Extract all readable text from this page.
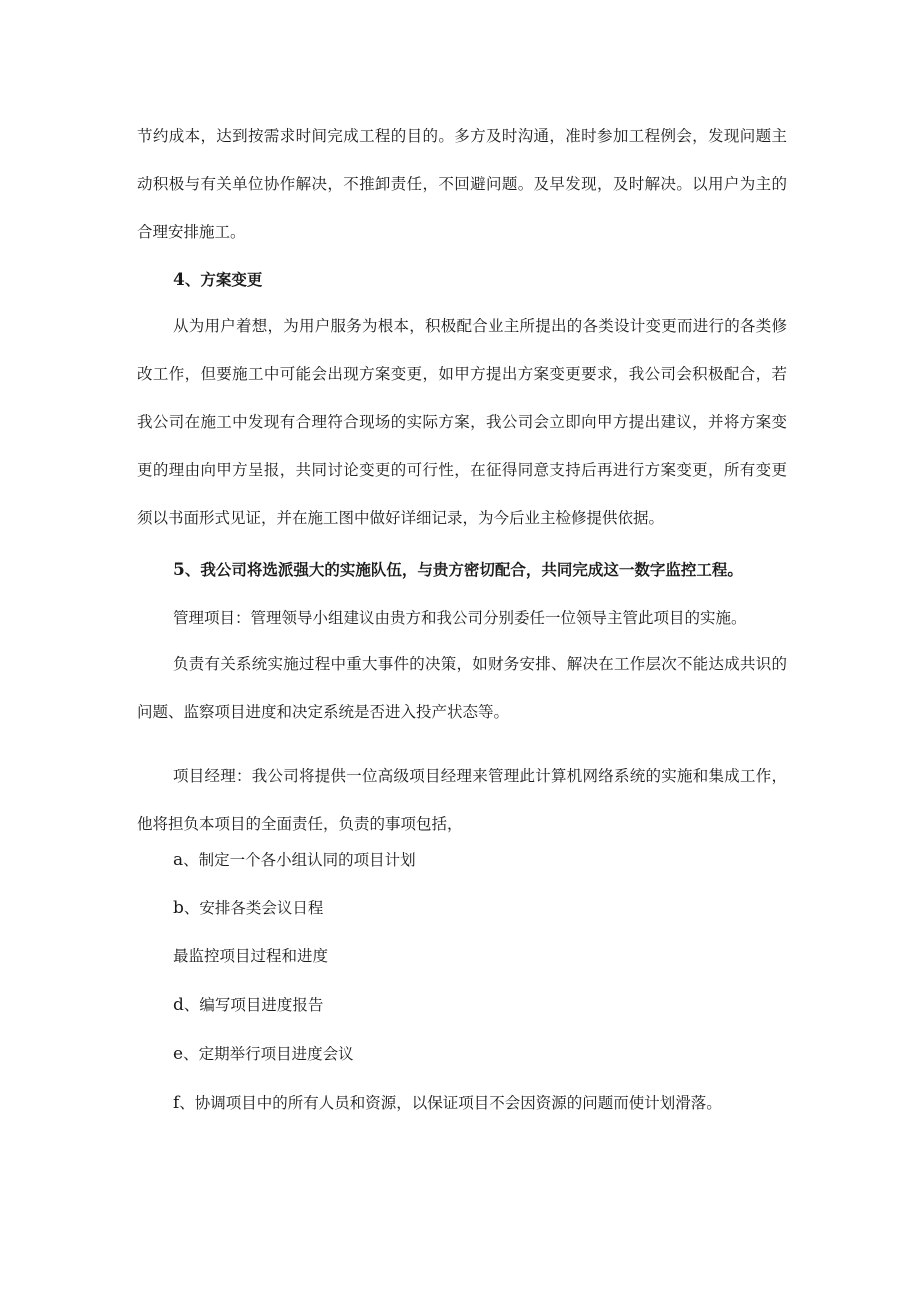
节约成本，达到按需求时间完成工程的目的。多方及时沟通，准时参加工程例会，发现问题主动积极与有关单位协作解决，不推卸责任，不回避问题。及早发现，及时解决。以用户为主的合理安排施工。

4、方案变更

从为用户着想，为用户服务为根本，积极配合业主所提出的各类设计变更而进行的各类修改工作，但要施工中可能会出现方案变更，如甲方提出方案变更要求，我公司会积极配合，若我公司在施工中发现有合理符合现场的实际方案，我公司会立即向甲方提出建议，并将方案变更的理由向甲方呈报，共同讨论变更的可行性，在征得同意支持后再进行方案变更，所有变更须以书面形式见证，并在施工图中做好详细记录，为今后业主检修提供依据。

5、我公司将选派强大的实施队伍，与贵方密切配合，共同完成这一数字监控工程。

管理项目：管理领导小组建议由贵方和我公司分别委任一位领导主管此项目的实施。

负责有关系统实施过程中重大事件的决策，如财务安排、解决在工作层次不能达成共识的问题、监察项目进度和决定系统是否进入投产状态等。

项目经理：我公司将提供一位高级项目经理来管理此计算机网络系统的实施和集成工作，他将担负本项目的全面责任，负责的事项包括，

a、制定一个各小组认同的项目计划

b、安排各类会议日程

最监控项目过程和进度

d、编写项目进度报告

e、定期举行项目进度会议

f、协调项目中的所有人员和资源，以保证项目不会因资源的问题而使计划滑落。
